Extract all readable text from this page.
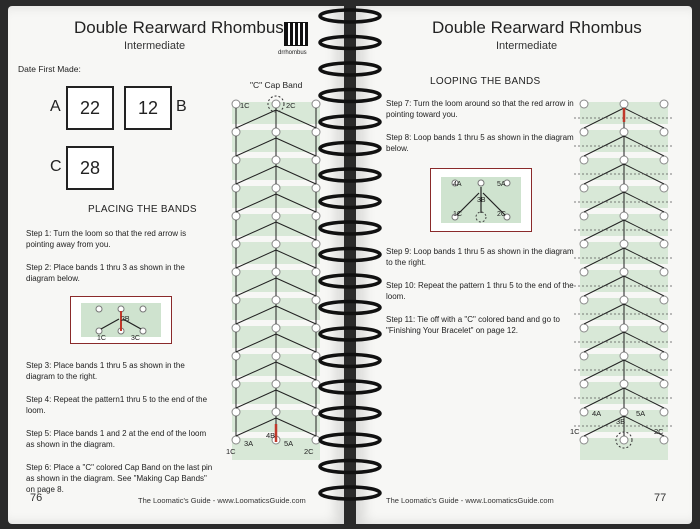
Double Rearward Rhombus
Intermediate
drrhombus
Date First Made:
A	22	12	B
C	28
PLACING THE BANDS
Step 1: Turn the loom so that the red arrow is pointing away from you.
Step 2: Place bands 1 thru 3 as shown in the diagram below.
2B
1C	3C
Step 3: Place bands 1 thru 5 as shown in the diagram to the right.
Step 4: Repeat the pattern1 thru 5 to the end of the loom.
Step 5: Place bands 1 and 2 at the end of the loom as shown in the diagram.
Step 6: Place a "C" colored Cap Band on the last pin as shown in the diagram. See "Making Cap Bands" on page 8.
"C" Cap Band
1C	2C
1C
3A
4B
5A
2C
76	The Loomatic's Guide - www.LoomaticsGuide.com
Double Rearward Rhombus
Intermediate
LOOPING THE BANDS
Step 7: Turn the loom around so that the red arrow in pointing toward you.
Step 8: Loop bands 1 thru 5 as shown in the diagram below.
4A	5A
3B
1C	2C
Step 9: Loop bands 1 thru 5 as shown in the diagram to the right.
Step 10: Repeat the pattern 1 thru 5 to the end of the loom.
Step 11: Tie off with a "C" colored band and go to "Finishing Your Bracelet" on page 12.
4A	5A
3B
1C	2C
The Loomatic's Guide - www.LoomaticsGuide.com	77
